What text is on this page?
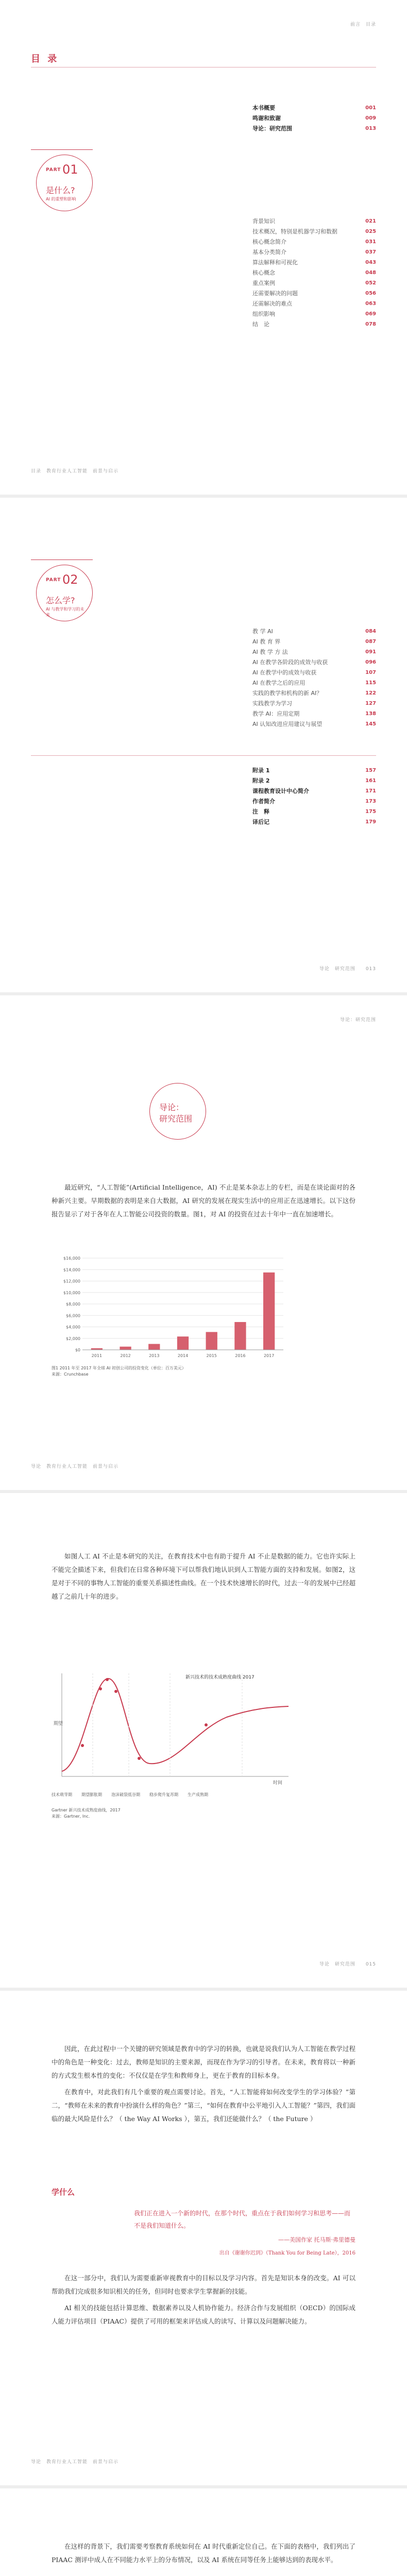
前言　目录
目 录
本书概要	001
鸣谢和致谢	009
导论：研究范围	013
PART 01
是什么?
AI 的重塑和影响
背景知识	021
技术概况，特别是机器学习和数据	025
核心概念简介	031
基本分类简介	037
算法解释和可视化	043
核心概念	048
重点案例	052
还需要解决的问题	056
还需解决的难点	063
组织影响	069
结　论	078
目录　教育行业人工智能　前景与启示
PART 02
怎么学?
AI 与教学和学习的未来
教 学 AI	084
AI 教 育 界	087
AI 教 学 方 法	091
AI 在教学各阶段的成效与收获	096
AI 在教学中的成效与收获	107
AI 在教学之后的应用	115
实践的教学和机构的新 AI？	122
实践教学为学习	127
教学 AI：应用定期	138
AI 认知改进应用建议与展望	145
附录 1	157
附录 2	161
课程教育设计中心简介	171
作者简介	173
注　释	175
译后记	179
导论　研究范围　　013
导论：研究范围
导论：
研究范围

最近研究，“人工智能”(Artificial Intelligence，AI) 不止是某本杂志上的专栏，而是在谈论面对的各种新兴主要。早期数据的表明是来自大数据，AI 研究的发展在现实生活中的应用正在迅速增长。以下这份报告显示了对于各年在人工智能公司投资的数量。图1，对 AI 的投资在过去十年中一直在加速增长。

$0
$2,000
$4,000
$6,000
$8,000
$10,000
$12,000
$14,000
$16,000
2011	2012	2013	2014	2015	2016	2017
图1 2011 年至 2017 年全球 AI 初创公司的投资变化（单位：百万美元）
来源：Crunchbase
导论　教育行业人工智能　前景与启示

如图人工 AI 不止是本研究的关注，在教育技术中也有助于提升 AI 不止是数据的能力。它也许实际上不能完全描述下来，但我们在日常各种环境下可以帮我们地认识到人工智能方面的支持和发展。如图2，这是对于不同的事物人工智能的重要关系描述性曲线。在一个技术快速增长的时代，过去一年的发展中已经超越了之前几十年的进步。

新兴技术的技术成熟度曲线 2017
期望
时间
技术萌芽期 期望膨胀期 泡沫破裂低谷期 稳步爬升复苏期 生产成熟期
Gartner 新兴技术成熟度曲线，2017
来源：Gartner, Inc.
导论　研究范围　　015

因此，在此过程中一个关键的研究领域是教育中的学习的转换，也就是说我们认为人工智能在教学过程中的角色是一种变化：过去，教师是知识的主要来源，而现在作为学习的引导者。在未来，教育将以一种新的方式发生根本性的变化：不仅仅是在学生和教师身上，更在于教育的目标本身。

在教育中，对此我们有几个重要的观点需要讨论。首先，“人工智能将如何改变学生的学习体验？”第二，“教师在未来的教育中扮演什么样的角色？”第三，“如何在教育中公平地引入人工智能？”第四，我们面临的最大风险是什么？（ the Way AI Works ），第五，我们还能做什么？（ the Future ）

学什么
我们正在进入一个新的时代，在那个时代，重点在于我们如何学习和思考——而不是我们知道什么。
——美国作家 托马斯·弗里德曼
出自《谢谢你迟到》（Thank You for Being Late），2016

在这一部分中，我们认为需要重新审视教育中的目标以及学习内容。首先是知识本身的改变。AI 可以帮助我们完成很多知识相关的任务，但同时也要求学生掌握新的技能。

AI 相关的技能包括计算思维、数据素养以及人机协作能力。经济合作与发展组织（OECD）的国际成人能力评估项目（PIAAC）提供了可用的框架来评估成人的读写、计算以及问题解决能力。

导论　教育行业人工智能　前景与启示

在这样的背景下，我们需要考察教育系统如何在 AI 时代重新定位自己。在下面的表格中，我们列出了 PIAAC 测评中成人在不同能力水平上的分布情况，以及 AI 系统在同等任务上能够达到的表现水平。
